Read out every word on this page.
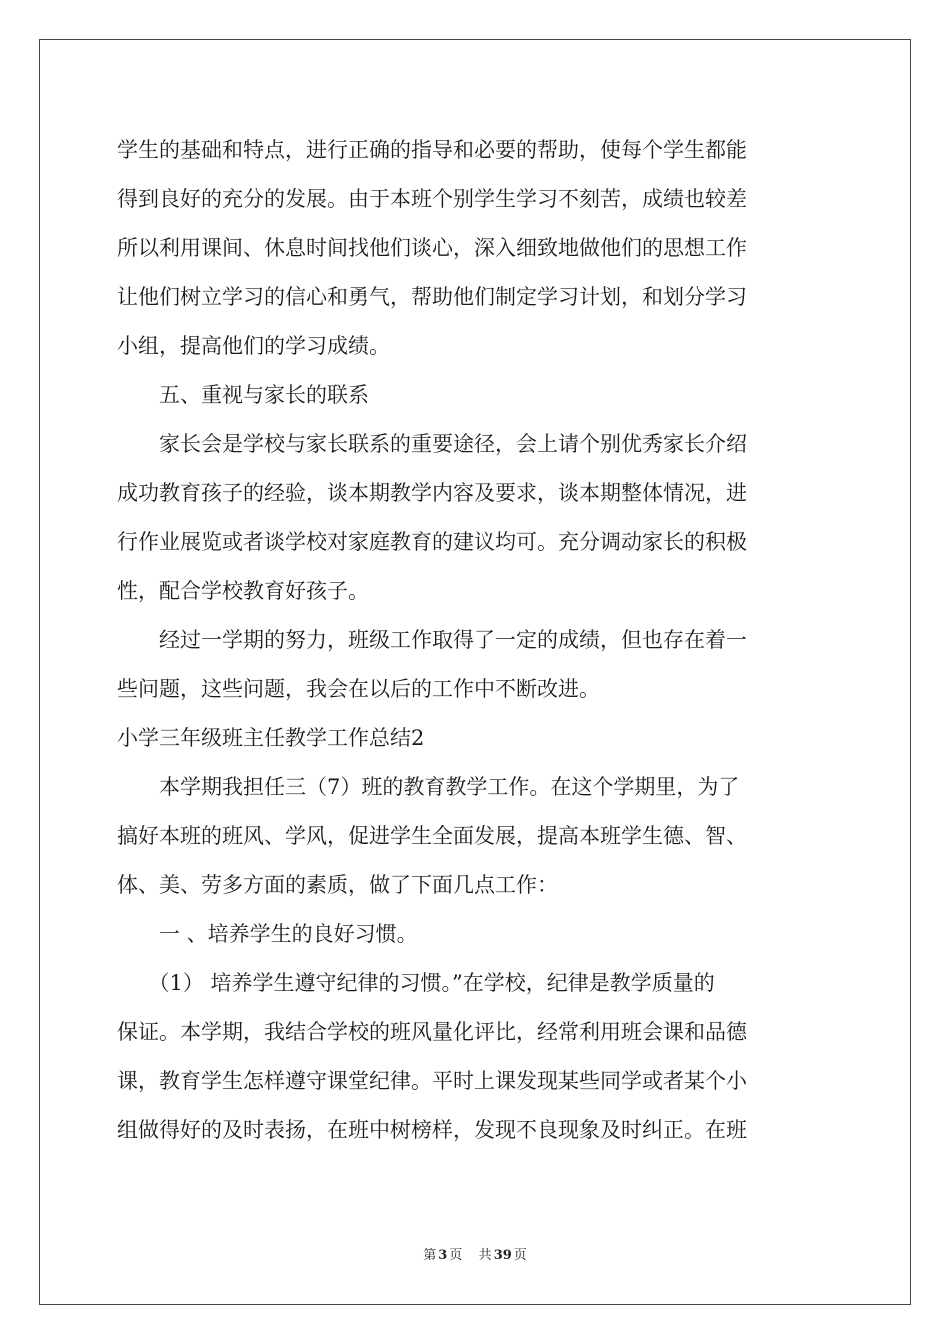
学生的基础和特点，进行正确的指导和必要的帮助，使每个学生都能
得到良好的充分的发展。由于本班个别学生学习不刻苦，成绩也较差
所以利用课间、休息时间找他们谈心，深入细致地做他们的思想工作
让他们树立学习的信心和勇气，帮助他们制定学习计划，和划分学习
小组，提高他们的学习成绩。
　　五、重视与家长的联系
　　家长会是学校与家长联系的重要途径，会上请个别优秀家长介绍
成功教育孩子的经验，谈本期教学内容及要求，谈本期整体情况，进
行作业展览或者谈学校对家庭教育的建议均可。充分调动家长的积极
性，配合学校教育好孩子。
　　经过一学期的努力，班级工作取得了一定的成绩，但也存在着一
些问题，这些问题，我会在以后的工作中不断改进。
小学三年级班主任教学工作总结2
　　本学期我担任三（7）班的教育教学工作。在这个学期里，为了
搞好本班的班风、学风，促进学生全面发展，提高本班学生德、智、
体、美、劳多方面的素质，做了下面几点工作：
　　一 、培养学生的良好习惯。
　　（1） 培养学生遵守纪律的习惯。”在学校，纪律是教学质量的
保证。本学期，我结合学校的班风量化评比，经常利用班会课和品德
课，教育学生怎样遵守课堂纪律。平时上课发现某些同学或者某个小
组做得好的及时表扬，在班中树榜样，发现不良现象及时纠正。在班
第 3 页 共 39 页
